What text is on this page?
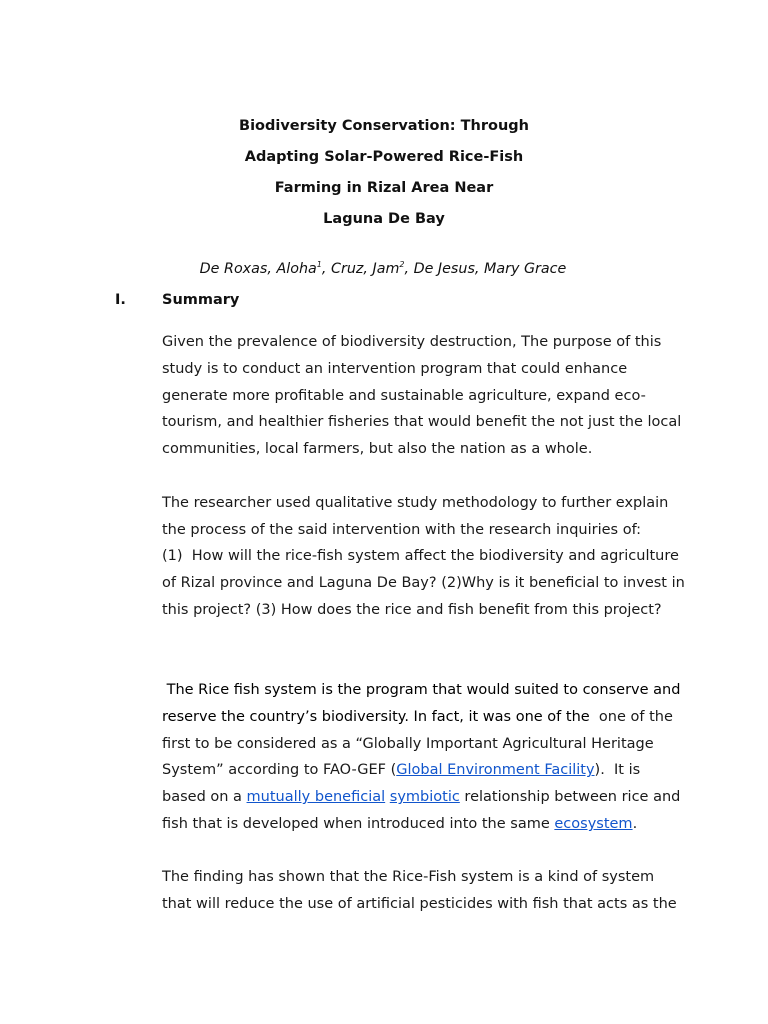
Biodiversity Conservation: Through
Adapting Solar-Powered Rice-Fish
Farming in Rizal Area Near
Laguna De Bay
De Roxas, Aloha$^1$, Cruz, Jam$^2$, De Jesus, Mary Grace
I. Summary
Given the prevalence of biodiversity destruction, The purpose of this
study is to conduct an intervention program that could enhance
generate more profitable and sustainable agriculture, expand eco-
tourism, and healthier fisheries that would benefit the not just the local
communities, local farmers, but also the nation as a whole.
The researcher used qualitative study methodology to further explain
the process of the said intervention with the research inquiries of:
(1)  How will the rice-fish system affect the biodiversity and agriculture
of Rizal province and Laguna De Bay? (2)Why is it beneficial to invest in
this project? (3) How does the rice and fish benefit from this project?
The Rice fish system is the program that would suited to conserve and
reserve the country’s biodiversity. In fact, it was one of the  one of the
first to be considered as a “Globally Important Agricultural Heritage
System” according to FAO-GEF (Global Environment Facility).  It is
based on a mutually beneficial symbiotic relationship between rice and
fish that is developed when introduced into the same ecosystem.
The finding has shown that the Rice-Fish system is a kind of system
that will reduce the use of artificial pesticides with fish that acts as the
